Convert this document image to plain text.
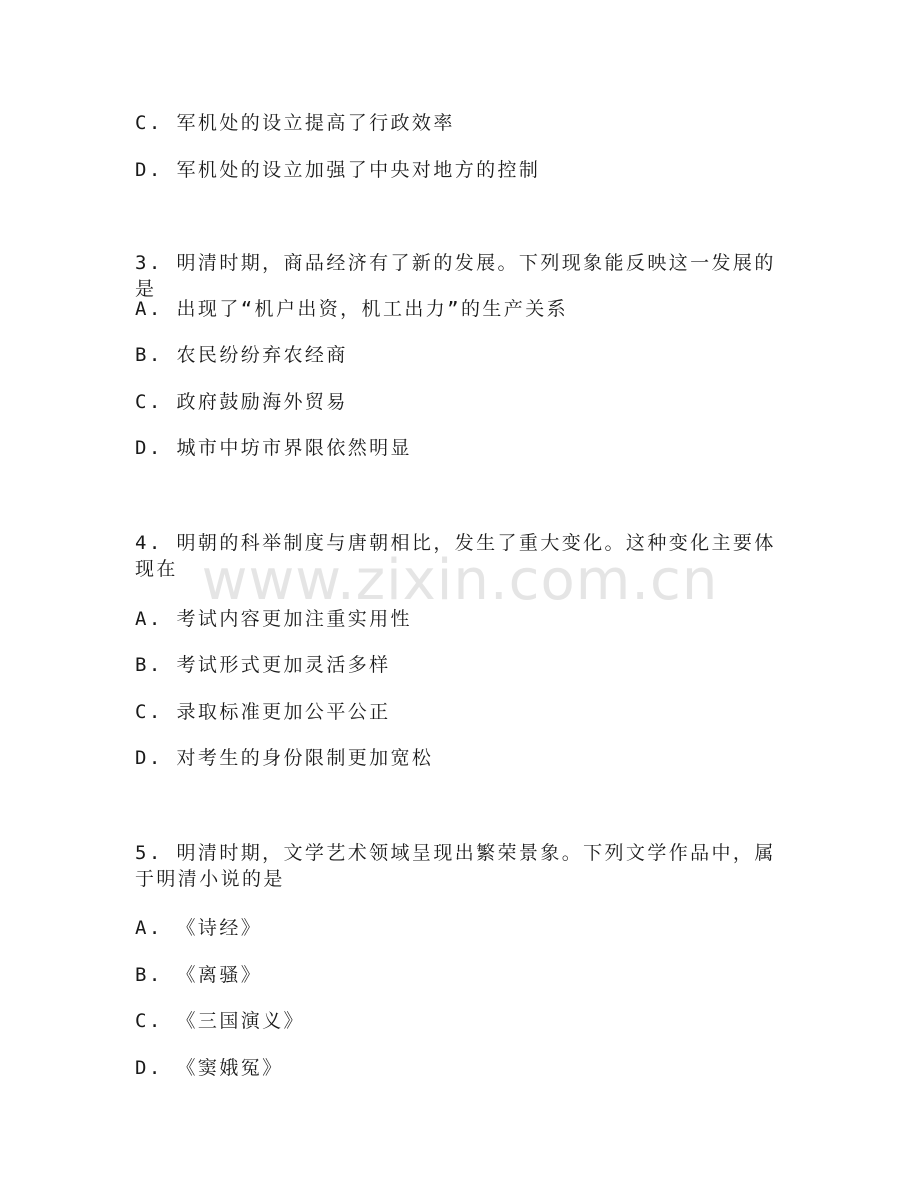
C. 军机处的设立提高了行政效率
D. 军机处的设立加强了中央对地方的控制
3. 明清时期，商品经济有了新的发展。下列现象能反映这一发展的是
A. 出现了“机户出资，机工出力”的生产关系
B. 农民纷纷弃农经商
C. 政府鼓励海外贸易
D. 城市中坊市界限依然明显
4. 明朝的科举制度与唐朝相比，发生了重大变化。这种变化主要体现在
A. 考试内容更加注重实用性
B. 考试形式更加灵活多样
C. 录取标准更加公平公正
D. 对考生的身份限制更加宽松
5. 明清时期，文学艺术领域呈现出繁荣景象。下列文学作品中，属于明清小说的是
A. 《诗经》
B. 《离骚》
C. 《三国演义》
D. 《窦娥冤》
www.zixin.com.cn
